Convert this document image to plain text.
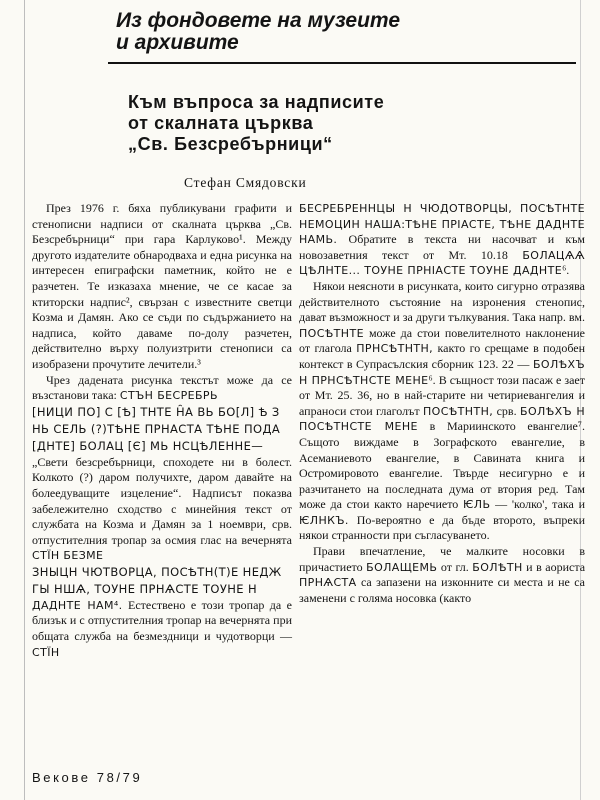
Из фондовете на музеите
и архивите
Към въпроса за надписите
от скалната църква
„Св. Безсребърници“
Стефан Смядовски

През 1976 г. бяха публикувани графити и стенописни надписи от скалната църква „Св. Безсребърници“ при гара Карлуково¹. Между другото издателите обнародваха и една рисунка на интересен епиграфски паметник, който не е разчетен. Те изказаха мнение, че се касае за ктиторски надпис², свързан с известните светци Козма и Дамян. Ако се съди по съдържанието на надписа, който даваме по-долу разчетен, действително върху полуизтрити стенописи са изобразени прочутите лечители.³

Чрез дадената рисунка текстът може да се възстанови така: СТЪН БЕСРЕБРЬ

[НИЦИ ПО] С [Ѣ] ТНТЕ Н̑А ВЬ БО[Л] Ѣ З
НЬ СЕЛЬ (?)ТѢНЕ ПРНАСТА ТѢНЕ ПОДА
[ДНТЕ] БОЛАЦ [Є] МЬ НСЦѢЛЕННЕ—

„Свети безсребърници, споходете ни в болест. Колкото (?) даром получихте, даром давайте на болеедуващите изцеление“. Надписът показва забележително сходство с минейния текст от службата на Козма и Дамян за 1 ноември, срв. отпустителния тропар за осмия глас на вечернята СТЇН БЕЗМЕ

ЗНЫЦН ЧЮТВОРЦА, ПОСѢТН(Т)Е НЕДЖ

ГЫ НШѦ, ТОУНЕ ПРНѦСТЕ ТОУНЕ Н
ДАДНТЕ НАМ⁴. Естествено е този тропар да е близък и с отпустителния тропар на вечернята при общата служба на безмездници и чудотворци — СТЇН

БЕСРЕБРЕННЦЫ Н ЧЮДОТВОРЦЫ, ПОСѢТНТЕ НЕМОЦИН НАША:ТѢНЕ ПРІАСТЕ, ТѢНЕ ДАДНТЕ НАМЬ. Обратите в текста ни насочват и към новозаветния текст от Мт. 10.18 БОЛАЦѦѦ ЦѢЛНТЕ... ТОУНЕ ПРНІАСТЕ ТОУНЕ ДАДНТЕ⁶.

Някои неясноти в рисунката, които сигурно отразява действителното състояние на изронения стенопис, дават възможност и за други тълкувания. Така напр. вм. ПОСѢТНТЕ може да стои повелителното наклонение от глагола ПРНСѢТНТН, както го срещаме в подобен контекст в Супрасълския сборник 123. 22 — БОЛѢХЪ Н ПРНСѢТНСТЕ МЕНЕ⁶. В същност този пасаж е зает от Мт. 25. 36, но в най-старите ни четириевангелия и апраноси стои глаголът ПОСѢТНТН, срв. БОЛѢХЪ Н ПОСѢТНСТЕ МЕНЕ в Мариинското евангелие⁷. Същото виждаме в Зографското евангелие, в Асеманиевото евангелие, в Савината книга и Остромировото евангелие. Твърде несигурно е и разчитането на последната дума от втория ред. Там може да стои както наречието ѤЛЬ — 'колко', така и ѤЛНКЪ. По-вероятно е да бъде второто, въпреки някои странности при съгласуването.

Прави впечатление, че малките носовки в причастието БОЛАЩЕМЬ от гл. БОЛѢТН и в аориста ПРНѦСТА са запазени на изконните си места и не са заменени с голяма носовка (както

Векове 78/79
